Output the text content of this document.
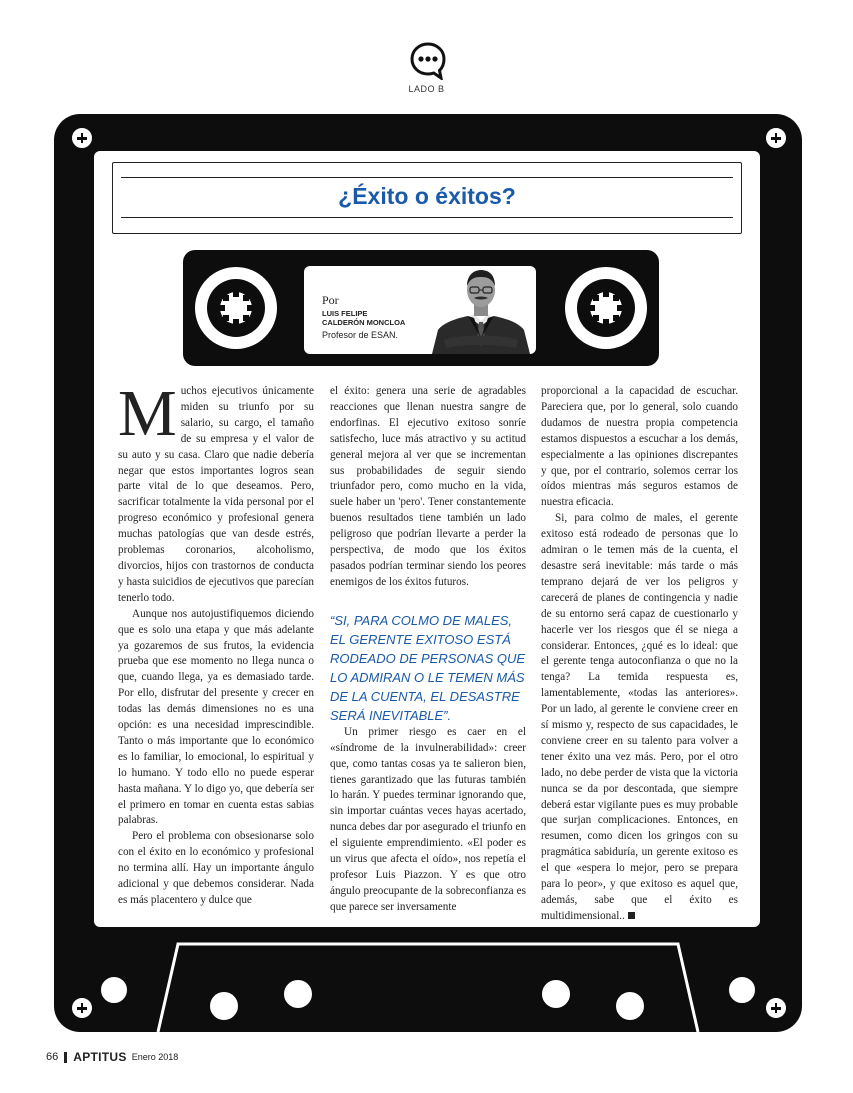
LADO B
¿Éxito o éxitos?
Por
LUIS FELIPE
CALDERÓN MONCLOA
Profesor de ESAN.

Muchos ejecutivos únicamente miden su triunfo por su salario, su cargo, el tamaño de su empresa y el valor de su auto y su casa. Claro que nadie debería negar que estos importantes logros sean parte vital de lo que deseamos. Pero, sacrificar totalmente la vida personal por el progreso económico y profesional genera muchas patologías que van desde estrés, problemas coronarios, alcoholismo, divorcios, hijos con trastornos de conducta y hasta suicidios de ejecutivos que parecían tenerlo todo.

Aunque nos autojustifiquemos diciendo que es solo una etapa y que más adelante ya gozaremos de sus frutos, la evidencia prueba que ese momento no llega nunca o que, cuando llega, ya es demasiado tarde. Por ello, disfrutar del presente y crecer en todas las demás dimensiones no es una opción: es una necesidad imprescindible. Tanto o más importante que lo económico es lo familiar, lo emocional, lo espiritual y lo humano. Y todo ello no puede esperar hasta mañana. Y lo digo yo, que debería ser el primero en tomar en cuenta estas sabias palabras.

Pero el problema con obsesionarse solo con el éxito en lo económico y profesional no termina allí. Hay un importante ángulo adicional y que debemos considerar. Nada es más placentero y dulce que

el éxito: genera una serie de agradables reacciones que llenan nuestra sangre de endorfinas. El ejecutivo exitoso sonríe satisfecho, luce más atractivo y su actitud general mejora al ver que se incrementan sus probabilidades de seguir siendo triunfador pero, como mucho en la vida, suele haber un 'pero'. Tener constantemente buenos resultados tiene también un lado peligroso que podrían llevarte a perder la perspectiva, de modo que los éxitos pasados podrían terminar siendo los peores enemigos de los éxitos futuros.

“SI, PARA COLMO DE MALES, EL GERENTE EXITOSO ESTÁ RODEADO DE PERSONAS QUE LO ADMIRAN O LE TEMEN MÁS DE LA CUENTA, EL DESASTRE SERÁ INEVITABLE”.

Un primer riesgo es caer en el «síndrome de la invulnerabilidad»: creer que, como tantas cosas ya te salieron bien, tienes garantizado que las futuras también lo harán. Y puedes terminar ignorando que, sin importar cuántas veces hayas acertado, nunca debes dar por asegurado el triunfo en el siguiente emprendimiento. «El poder es un virus que afecta el oído», nos repetía el profesor Luis Piazzon. Y es que otro ángulo preocupante de la sobreconfianza es que parece ser inversamente

proporcional a la capacidad de escuchar. Pareciera que, por lo general, solo cuando dudamos de nuestra propia competencia estamos dispuestos a escuchar a los demás, especialmente a las opiniones discrepantes y que, por el contrario, solemos cerrar los oídos mientras más seguros estamos de nuestra eficacia.

Si, para colmo de males, el gerente exitoso está rodeado de personas que lo admiran o le temen más de la cuenta, el desastre será inevitable: más tarde o más temprano dejará de ver los peligros y carecerá de planes de contingencia y nadie de su entorno será capaz de cuestionarlo y hacerle ver los riesgos que él se niega a considerar. Entonces, ¿qué es lo ideal: que el gerente tenga autoconfianza o que no la tenga? La temida respuesta es, lamentablemente, «todas las anteriores». Por un lado, al gerente le conviene creer en sí mismo y, respecto de sus capacidades, le conviene creer en su talento para volver a tener éxito una vez más. Pero, por el otro lado, no debe perder de vista que la victoria nunca se da por descontada, que siempre deberá estar vigilante pues es muy probable que surjan complicaciones. Entonces, en resumen, como dicen los gringos con su pragmática sabiduría, un gerente exitoso es el que «espera lo mejor, pero se prepara para lo peor», y que exitoso es aquel que, además, sabe que el éxito es multidimensional..

66 APTITUS Enero 2018
